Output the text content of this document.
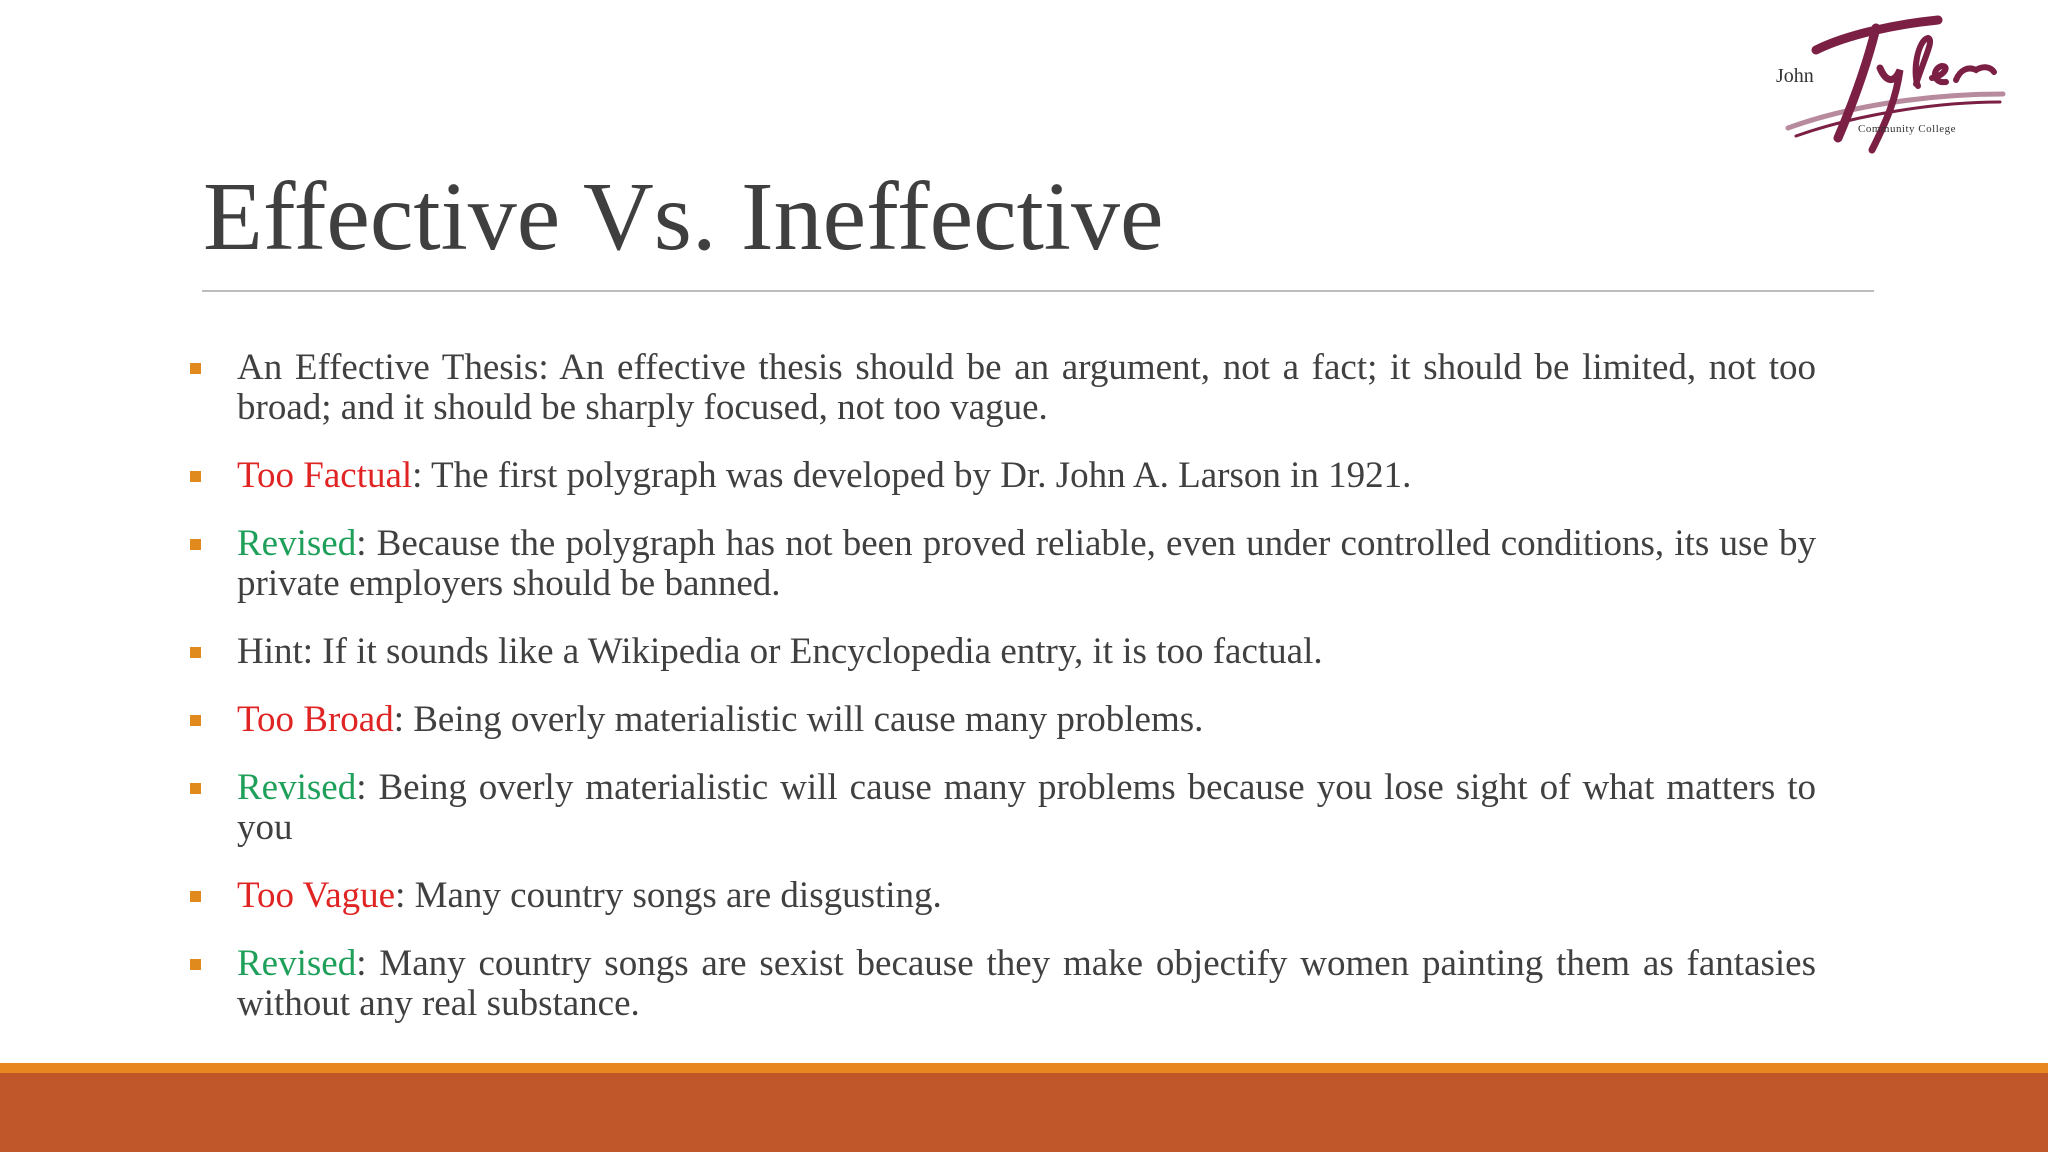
John
Community College
Tyler
Effective Vs. Ineffective
An Effective Thesis: An effective thesis should be an argument, not a fact; it should be limited, not too broad; and it should be sharply focused, not too vague.
Too Factual: The first polygraph was developed by Dr. John A. Larson in 1921.
Revised: Because the polygraph has not been proved reliable, even under controlled conditions, its use by private employers should be banned.
Hint: If it sounds like a Wikipedia or Encyclopedia entry, it is too factual.
Too Broad: Being overly materialistic will cause many problems.
Revised: Being overly materialistic will cause many problems because you lose sight of what matters to you
Too Vague: Many country songs are disgusting.
Revised: Many country songs are sexist because they make objectify women painting them as fantasies without any real substance.
